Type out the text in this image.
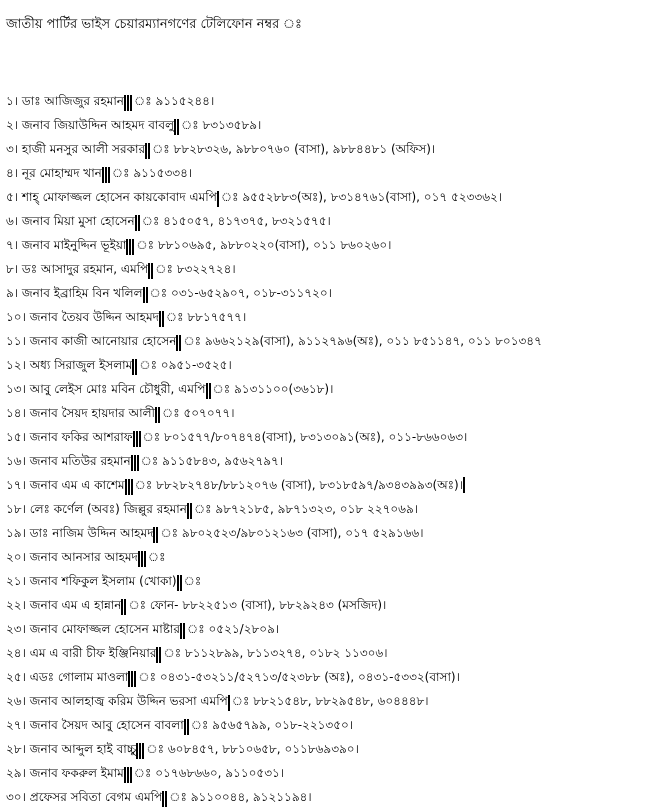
জাতীয় পার্টির ভাইস চেয়ারম্যানগণের টেলিফোন নম্বর ঃ
১। ডাঃ আজিজুর রহমান ঃ ৯১১৫২৪৪।
২। জনাব জিয়াউদ্দিন আহমদ বাবলু ঃ ৮৩১৩৫৮৯।
৩। হাজী মনসুর আলী সরকার ঃ ৮৮২৮৩২৬, ৯৮৮০৭৬০ (বাসা), ৯৮৮৪৪৮১ (অফিস)।
৪। নূর মোহাম্মদ খান ঃ ৯১১৫৩৩৪।
৫। শাহ্ মোফাজ্জল হোসেন কায়কোবাদ এমপি ঃ ৯৫৫২৮৮৩(অঃ), ৮৩১৪৭৬১(বাসা), ০১৭ ৫২৩৩৬২।
৬। জনাব মিয়া মুসা হোসেন ঃ ৪১৫০৫৭, ৪১৭৩৭৫, ৮৩২১৫৭৫।
৭। জনাব মাইনুদ্দিন ভূইয়া ঃ ৮৮১০৬৯৫, ৯৮৮০২২০(বাসা), ০১১ ৮৬০২৬০।
৮। ডঃ আসাদুর রহমান, এমপি ঃ ৮৩২২৭২৪।
৯। জনাব ইব্রাহিম বিন খলিল ঃ ০৩১-৬৫২৯০৭, ০১৮-৩১১৭২০।
১০। জনাব তৈয়ব উদ্দিন আহমদ ঃ ৮৮১৭৫৭৭।
১১। জনাব কাজী আনোয়ার হোসেন ঃ ৯৬৬২১২৯(বাসা), ৯১১২৭৯৬(অঃ), ০১১ ৮৫১১৪৭, ০১১ ৮০১৩৪৭
১২। অধ্য সিরাজুল ইসলাম ঃ ০৯৫১-৩৫২৫।
১৩। আবু লেইস মোঃ মবিন চৌধুরী, এমপি ঃ ৯১৩১১০০(৩৬১৮)।
১৪। জনাব সৈয়দ হায়দার আলী ঃ ৫০৭০৭৭।
১৫। জনাব ফকির আশরাফ ঃ ৮০১৫৭৭/৮০৭৪৭৪(বাসা), ৮৩১৩০৯১(অঃ), ০১১-৮৬৬০৬৩।
১৬। জনাব মতিউর রহমান ঃ ৯১১৫৮৪৩, ৯৫৬২৭৯৭।
১৭। জনাব এম এ কাশেম ঃ ৮৮২৮২৭৪৮/৮৮১২০৭৬ (বাসা), ৮৩১৮৫৯৭/৯৩৪৩৯৯৩(অঃ)।
১৮। লেঃ কর্ণেল (অবঃ) জিল্লুর রহমান ঃ ৯৮৭২১৮৫, ৯৮৭১৩২৩, ০১৮ ২২৭০৬৯।
১৯। ডাঃ নাজিম উদ্দিন আহমদ ঃ ৯৮০২৫২৩/৯৮০১২১৬৩ (বাসা), ০১৭ ৫২৯১৬৬।
২০। জনাব আনসার আহমদ ঃ
২১। জনাব শফিকুল ইসলাম (খোকা) ঃ
২২। জনাব এম এ হান্নান ঃ ফোন- ৮৮২২৫১৩ (বাসা), ৮৮২৯২৪৩ (মসজিদ)।
২৩। জনাব মোফাজ্জল হোসেন মাষ্টার ঃ ০৫২১/২৮০৯।
২৪। এম এ বারী চীফ ইঞ্জিনিয়ার ঃ ৮১১২৮৯৯, ৮১১৩২৭৪, ০১৮২ ১১৩০৬।
২৫। এডঃ গোলাম মাওলা ঃ ০৪৩১-৫৩২১১/৫২৭১৩/৫২৩৮৮ (অঃ), ০৪৩১-৫৩৩২(বাসা)।
২৬। জনাব আলহাজ্ব করিম উদ্দিন ভরসা এমপি ঃ ৮৮২১৫৪৮, ৮৮২৯৫৪৮, ৬০৪৪৪৮।
২৭। জনাব সৈয়দ আবু হোসেন বাবলা ঃ ৯৫৬৫৭৯৯, ০১৮-২২১৩৫০।
২৮। জনাব আব্দুল হাই বাচ্চু ঃ ৬০৮৪৫৭, ৮৮১০৬৫৮, ০১১৮৬৯৩৯০।
২৯। জনাব ফকরুল ইমাম ঃ ০১৭৬৮৬৬০, ৯১১০৫৩১।
৩০। প্রফেসর সবিতা বেগম এমপি ঃ ৯১১০০৪৪, ৯১২১১৯৪।
